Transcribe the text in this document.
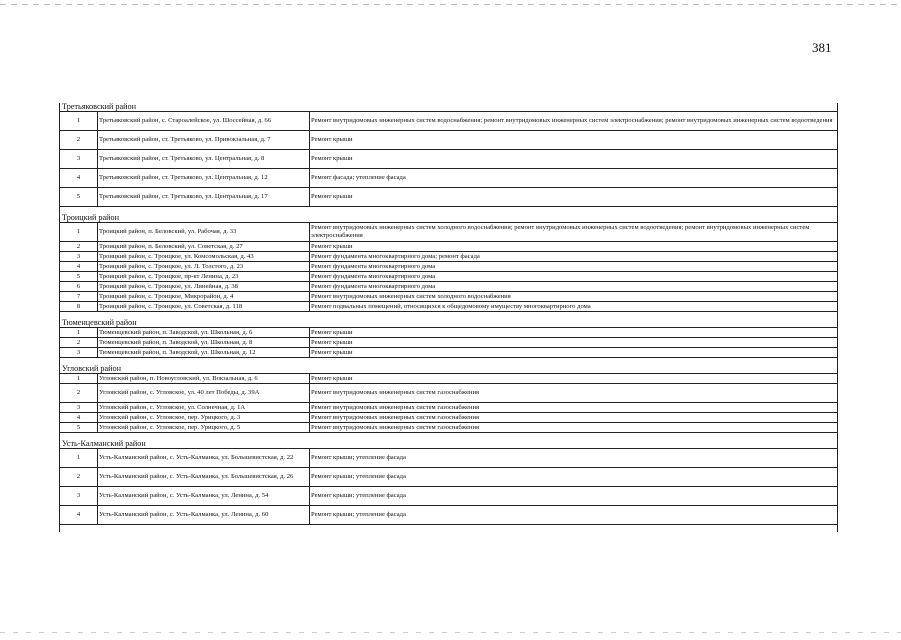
381
Третьяковский район		
1	Третьяковский район, с. Староалейское, ул. Шоссейная, д. 66	Ремонт внутридомовых инженерных систем водоснабжения; ремонт внутридомовых инженерных систем электроснабжения; ремонт внутридомовых инженерных систем водоотведения
2	Третьяковский район, ст. Третьяково, ул. Привокзальная, д. 7	Ремонт крыши
3	Третьяковский район, ст. Третьяково, ул. Центральная, д. 8	Ремонт крыши
4	Третьяковский район, ст. Третьяково, ул. Центральная, д. 12	Ремонт фасада; утепление фасада
5	Третьяковский район, ст. Третьяково, ул. Центральная, д. 17	Ремонт крыши

Троицкий район		
1	Троицкий район, п. Беловский, ул. Рабочая, д. 33	Ремонт внутридомовых инженерных систем холодного водоснабжения; ремонт внутридомовых инженерных систем водоотведения; ремонт внутридомовых инженерных систем электроснабжения
2	Троицкий район, п. Беловский, ул. Советская, д. 27	Ремонт крыши
3	Троицкий район, с. Троицкое, ул. Комсомольская, д. 43	Ремонт фундамента многоквартирного дома; ремонт фасада
4	Троицкий район, с. Троицкое, ул. Л. Толстого, д. 23	Ремонт фундамента многоквартирного дома
5	Троицкий район, с. Троицкое, пр-кт Ленина, д. 23	Ремонт фундамента многоквартирного дома
6	Троицкий район, с. Троицкое, ул. Линейная, д. 38	Ремонт фундамента многоквартирного дома
7	Троицкий район, с. Троицкое, Микрорайон, д. 4	Ремонт внутридомовых инженерных систем холодного водоснабжения
8	Троицкий район, с. Троицкое, ул. Советская, д. 118	Ремонт подвальных помещений, относящихся к общедомовому имуществу многоквартирного дома

Тюменцевский район		
1	Тюменцевский район, п. Заводской, ул. Школьная, д. 6	Ремонт крыши
2	Тюменцевский район, п. Заводской, ул. Школьная, д. 8	Ремонт крыши
3	Тюменцевский район, п. Заводской, ул. Школьная, д. 12	Ремонт крыши

Угловский район		
1	Угловский район, п. Новоугловский, ул. Вокзальная, д. 6	Ремонт крыши
2	Угловский район, с. Угловское, ул. 40 лет Победы, д. 39А	Ремонт внутридомовых инженерных систем газоснабжения
3	Угловский район, с. Угловское, ул. Солнечная, д. 1А	Ремонт внутридомовых инженерных систем газоснабжения
4	Угловский район, с. Угловское, пер. Урицкого, д. 3	Ремонт внутридомовых инженерных систем газоснабжения
5	Угловский район, с. Угловское, пер. Урицкого, д. 5	Ремонт внутридомовых инженерных систем газоснабжения

Усть-Калманский район		
1	Усть-Калманский район, с. Усть-Калманка, ул. Большевистская, д. 22	Ремонт крыши; утепление фасада
2	Усть-Калманский район, с. Усть-Калманка, ул. Большевистская, д. 26	Ремонт крыши; утепление фасада
3	Усть-Калманский район, с. Усть-Калманка, ул. Ленина, д. 54	Ремонт крыши; утепление фасада
4	Усть-Калманский район, с. Усть-Калманка, ул. Ленина, д. 60	Ремонт крыши; утепление фасада
